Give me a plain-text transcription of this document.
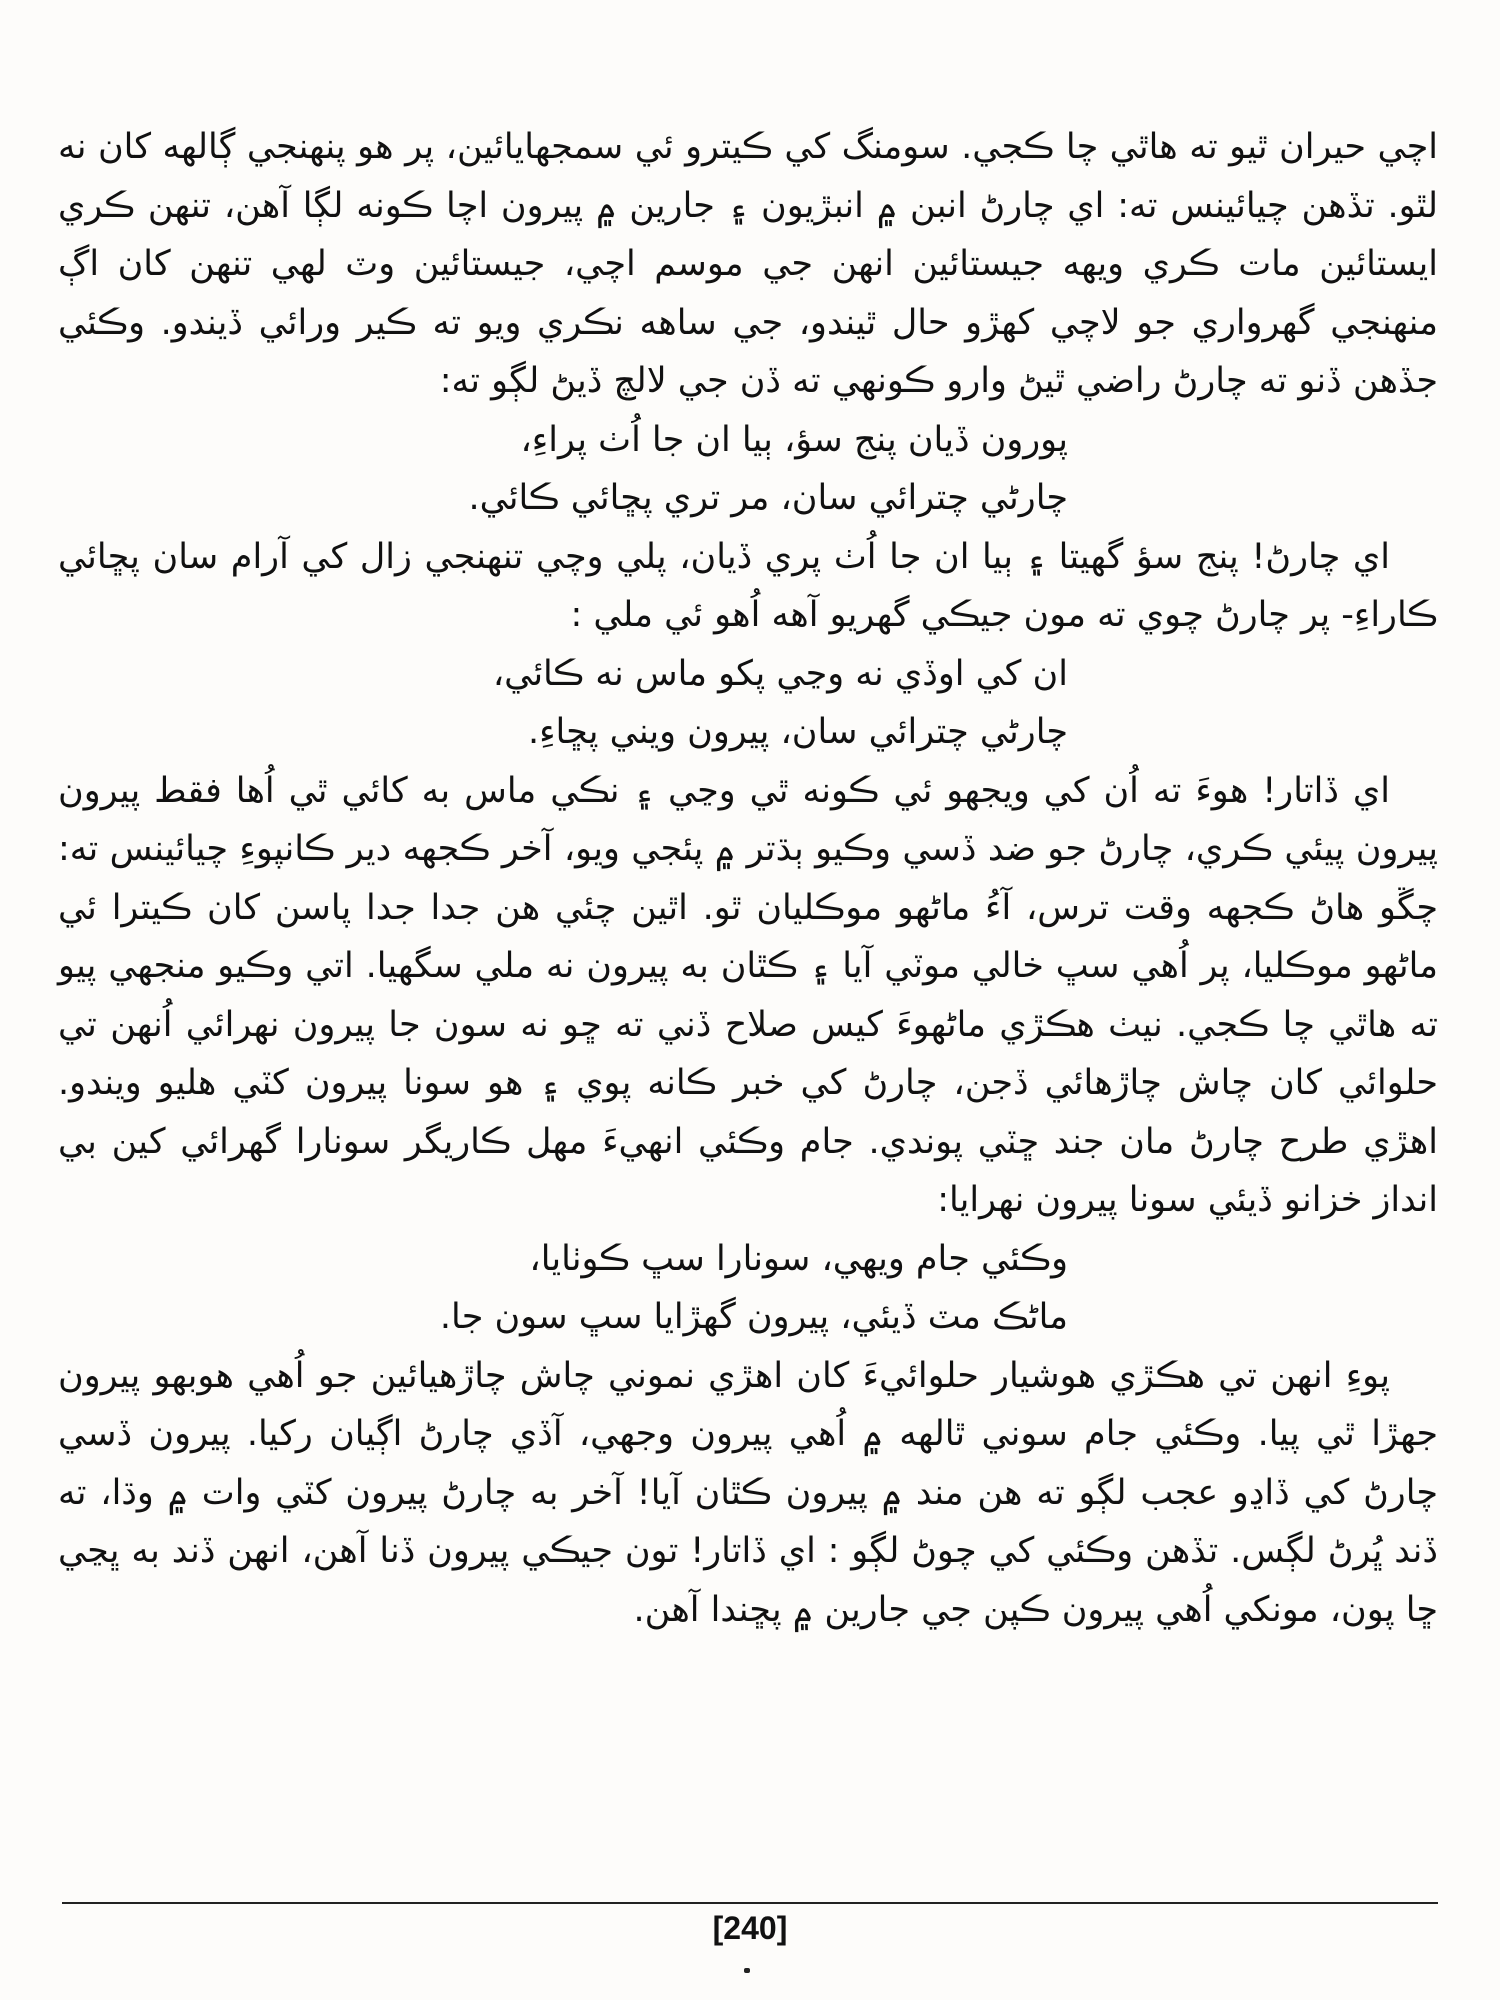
اچي حيران ٿيو ته هاٿي چا ڪجي. سومنگ کي ڪيترو ئي سمجهايائين، پر هو پنهنجي ڳالهه کان نه لٿو. تڏهن چيائينس ته: اي چارڻ انبن ۾ انبڙيون ۽ جارين ۾ پيرون اچا ڪونه لڳا آهن، تنهن ڪري ايستائين مات ڪري ويهه جيستائين انهن جي موسم اچي، جيستائين وٽ لهي تنهن کان اڳ منهنجي گهرواري جو لاچي کهڙو حال ٿيندو، جي ساهه نڪري ويو ته ڪير ورائي ڏيندو. وڪئي جڏهن ڏنو ته چارڻ راضي ٿيڻ وارو ڪونهي ته ڏن جي لالچ ڏيڻ لڳو ته:

پورون ڏيان پنج سؤ، ٻيا ان جا اُٺ پراءِ،

چارڻي چترائي سان، مر تري پڇائي ڪائي.

اي چارڻ! پنج سؤ گهيتا ۽ ٻيا ان جا اُٺ پري ڏيان، پلي وچي تنهنجي زال کي آرام سان پڇائي ڪاراءِ- پر چارڻ چوي ته مون جيڪي گهريو آهه اُهو ئي ملي :

ان کي اوڏي نه وڃي پکو ماس نه ڪائي،

چارڻي چترائي سان، پيرون ويني پڇاءِ.

اي ڏاتار! هوءَ ته اُن کي ويجهو ئي ڪونه ٿي وڃي ۽ نڪي ماس به کائي ٿي اُها فقط پيرون پيرون پيئي ڪري، چارڻ جو ضد ڏسي وڪيو ٻڌتر ۾ پئجي ويو، آخر ڪجهه دير ڪانپوءِ چيائينس ته: چڱو هاڻ ڪجهه وقت ترس، آءُ ماڻهو موڪليان ٿو. اٿين چئي هن جدا جدا پاسن کان ڪيترا ئي ماڻهو موڪليا، پر اُهي سڀ خالي موٽي آيا ۽ ڪٿان به پيرون نه ملي سگهيا. اتي وڪيو منجهي پيو ته هاٿي چا ڪجي. نيٺ هڪڙي ماڻهوءَ کيس صلاح ڏني ته ڇو نه سون جا پيرون نهرائي اُنهن تي حلوائي کان چاش چاڙهائي ڏجن، چارڻ کي خبر ڪانه پوي ۽ هو سونا پيرون کٽي هليو ويندو. اهڙي طرح چارڻ مان جند ڇٽي پوندي. جام وڪئي انهيءَ مهل ڪاريگر سونارا گهرائي کين بي انداز خزانو ڏيئي سونا پيرون نهرايا:

وڪئي جام ويهي، سونارا سڀ ڪوٺايا،

ماڻڪ مٽ ڏيئي، پيرون گهڙايا سڀ سون جا.

پوءِ انهن تي هڪڙي هوشيار حلوائيءَ کان اهڙي نموني چاش چاڙهيائين جو اُهي هوبهو پيرون جهڙا ٿي پيا. وڪئي جام سوني ٿالهه ۾ اُهي پيرون وجهي، آڏي چارڻ اڳيان رکيا. پيرون ڏسي چارڻ کي ڏاڍو عجب لڳو ته هن مند ۾ پيرون ڪٿان آيا! آخر به چارڻ پيرون کٽي وات ۾ وڌا، ته ڏند ڀُرڻ لڳس. تڏهن وڪئي کي چوڻ لڳو : اي ڏاتار! تون جيڪي پيرون ڏنا آهن، انهن ڏند به ڀڃي ڇا پون، مونکي اُهي پيرون ڪپن جي جارين ۾ پڇندا آهن.

[240]
